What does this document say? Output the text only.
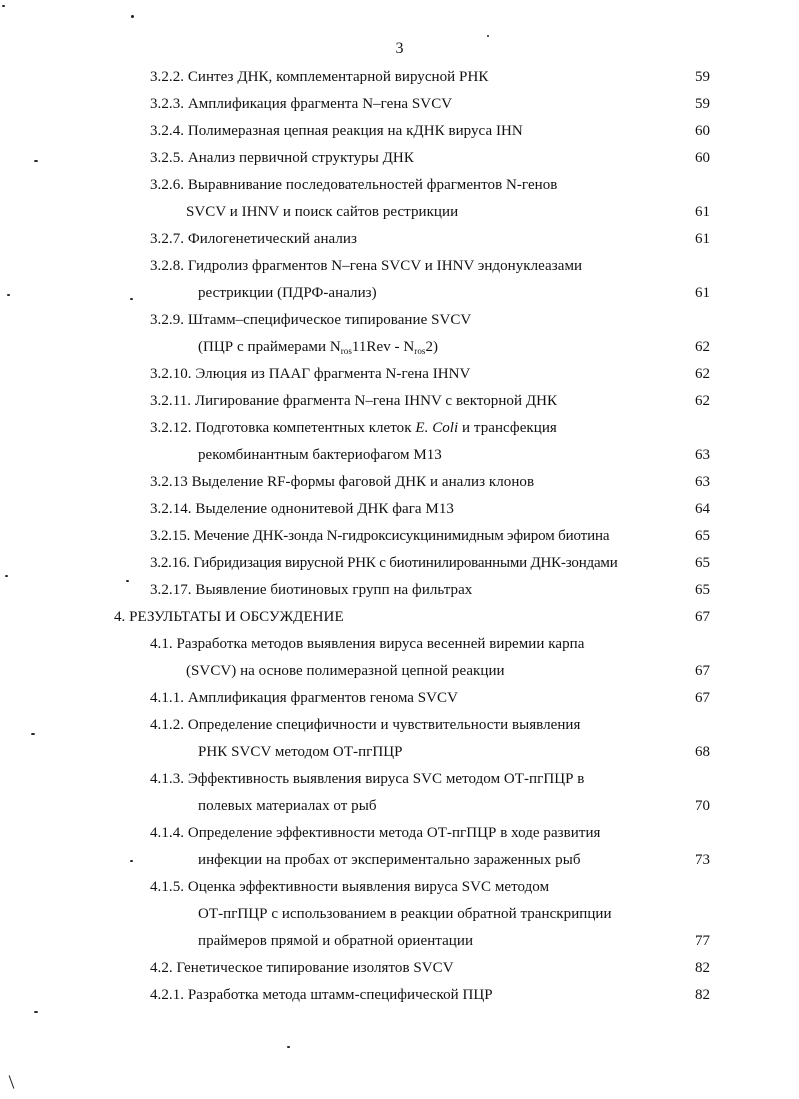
3
3.2.2. Синтез ДНК, комплементарной вирусной РНК	59
3.2.3. Амплификация фрагмента N–гена SVCV	59
3.2.4. Полимеразная цепная реакция на кДНК вируса IHN	60
3.2.5. Анализ первичной структуры ДНК	60
3.2.6. Выравнивание последовательностей фрагментов N-генов
SVCV и IHNV и поиск сайтов рестрикции	61
3.2.7. Филогенетический анализ	61
3.2.8. Гидролиз фрагментов N–гена SVCV и IHNV эндонуклеазами
рестрикции (ПДРФ-анализ)	61
3.2.9. Штамм–специфическое типирование SVCV
(ПЦР с праймерами $N_{ros}11Rev - N_{ros}2$)	62
3.2.10. Элюция из ПААГ фрагмента N-гена IHNV	62
3.2.11. Лигирование фрагмента N–гена IHNV с векторной ДНК	62
3.2.12. Подготовка компетентных клеток E. Coli и трансфекция
рекомбинантным бактериофагом М13	63
3.2.13 Выделение RF-формы фаговой ДНК и анализ клонов	63
3.2.14. Выделение однонитевой ДНК фага М13	64
3.2.15. Мечение ДНК-зонда N-гидроксисукцинимидным эфиром биотина	65
3.2.16. Гибридизация вирусной РНК с биотинилированными ДНК-зондами	65
3.2.17. Выявление биотиновых групп на фильтрах	65
4. РЕЗУЛЬТАТЫ И ОБСУЖДЕНИЕ	67
4.1. Разработка методов выявления вируса весенней виремии карпа
(SVCV) на основе полимеразной цепной реакции	67
4.1.1. Амплификация фрагментов генома SVCV	67
4.1.2. Определение специфичности и чувствительности выявления
РНК SVCV методом ОТ-пгПЦР	68
4.1.3. Эффективность выявления вируса SVC методом ОТ-пгПЦР в
полевых материалах от рыб	70
4.1.4. Определение эффективности метода ОТ-пгПЦР в ходе развития
инфекции на пробах от экспериментально зараженных рыб	73
4.1.5. Оценка эффективности выявления вируса SVC методом
ОТ-пгПЦР с использованием в реакции обратной транскрипции
праймеров прямой и обратной ориентации	77
4.2. Генетическое типирование изолятов SVCV	82
4.2.1. Разработка метода штамм-специфической ПЦР	82
